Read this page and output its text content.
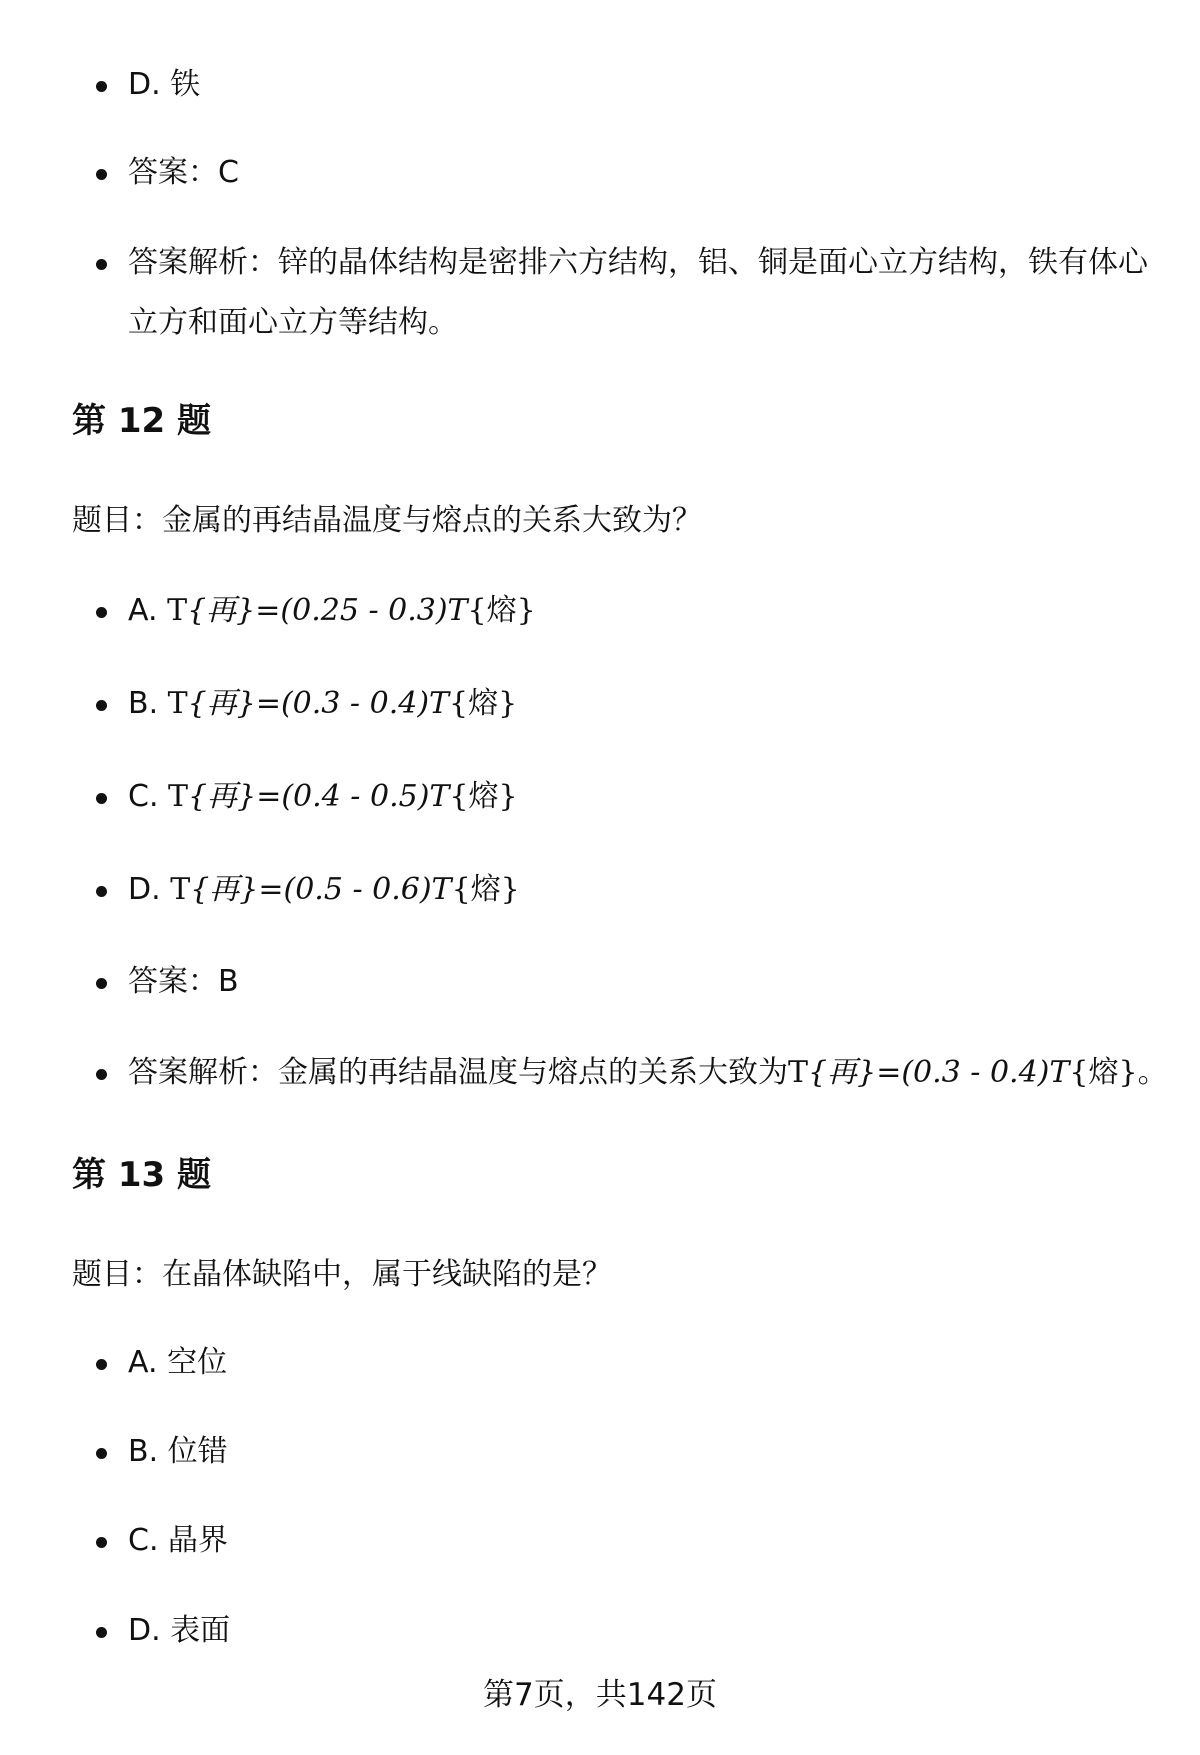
D. 铁
答案：C
答案解析：锌的晶体结构是密排六方结构，铝、铜是面心立方结构，铁有体心立方和面心立方等结构。
第 12 题
题目：金属的再结晶温度与熔点的关系大致为？
A. T{再}=(0.25 - 0.3)T{熔}
B. T{再}=(0.3 - 0.4)T{熔}
C. T{再}=(0.4 - 0.5)T{熔}
D. T{再}=(0.5 - 0.6)T{熔}
答案：B
答案解析：金属的再结晶温度与熔点的关系大致为T{再}=(0.3 - 0.4)T{熔}。
第 13 题
题目：在晶体缺陷中，属于线缺陷的是？
A. 空位
B. 位错
C. 晶界
D. 表面
第7页，共142页
